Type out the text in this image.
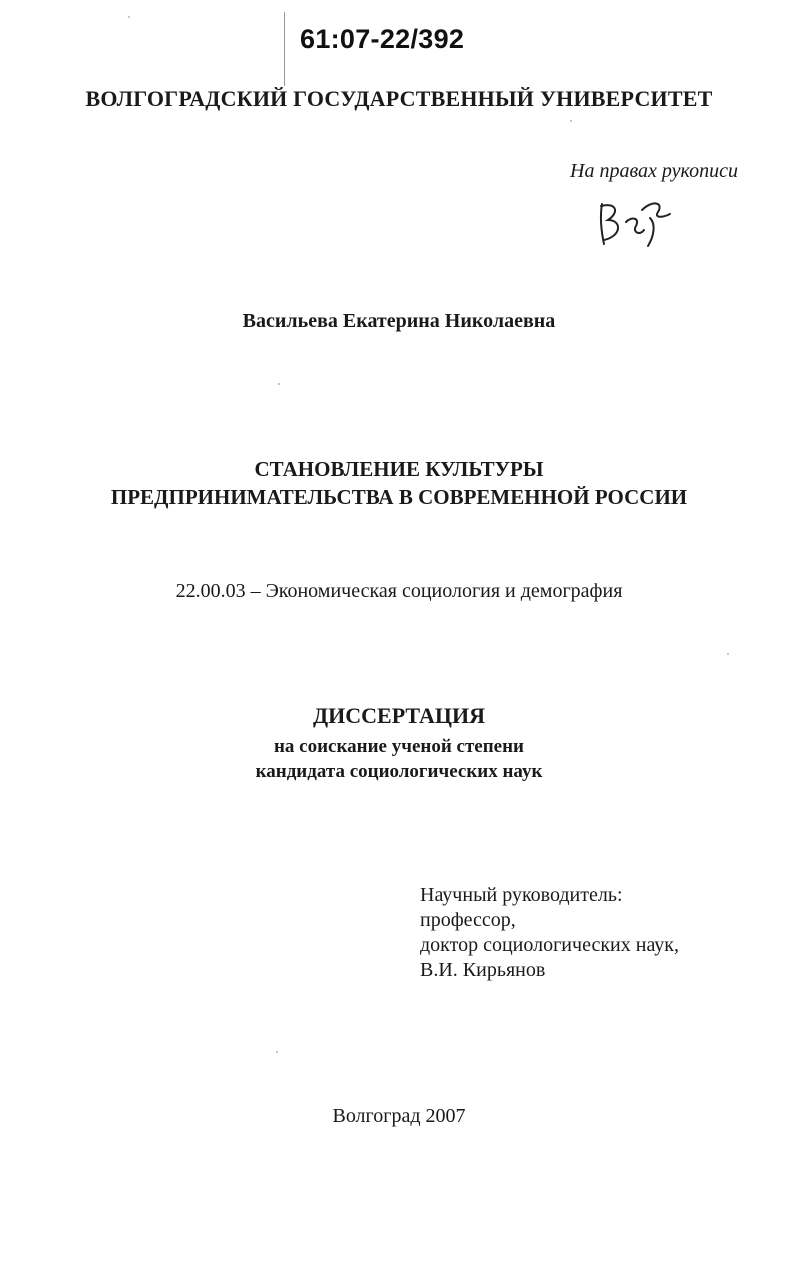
61:07-22/392
ВОЛГОГРАДСКИЙ ГОСУДАРСТВЕННЫЙ УНИВЕРСИТЕТ
На правах рукописи
Васильева Екатерина Николаевна
СТАНОВЛЕНИЕ КУЛЬТУРЫ
ПРЕДПРИНИМАТЕЛЬСТВА В СОВРЕМЕННОЙ РОССИИ
22.00.03 – Экономическая социология и демография
ДИССЕРТАЦИЯ
на соискание ученой степени
кандидата социологических наук
Научный руководитель:
профессор,
доктор социологических наук,
В.И. Кирьянов
Волгоград 2007
